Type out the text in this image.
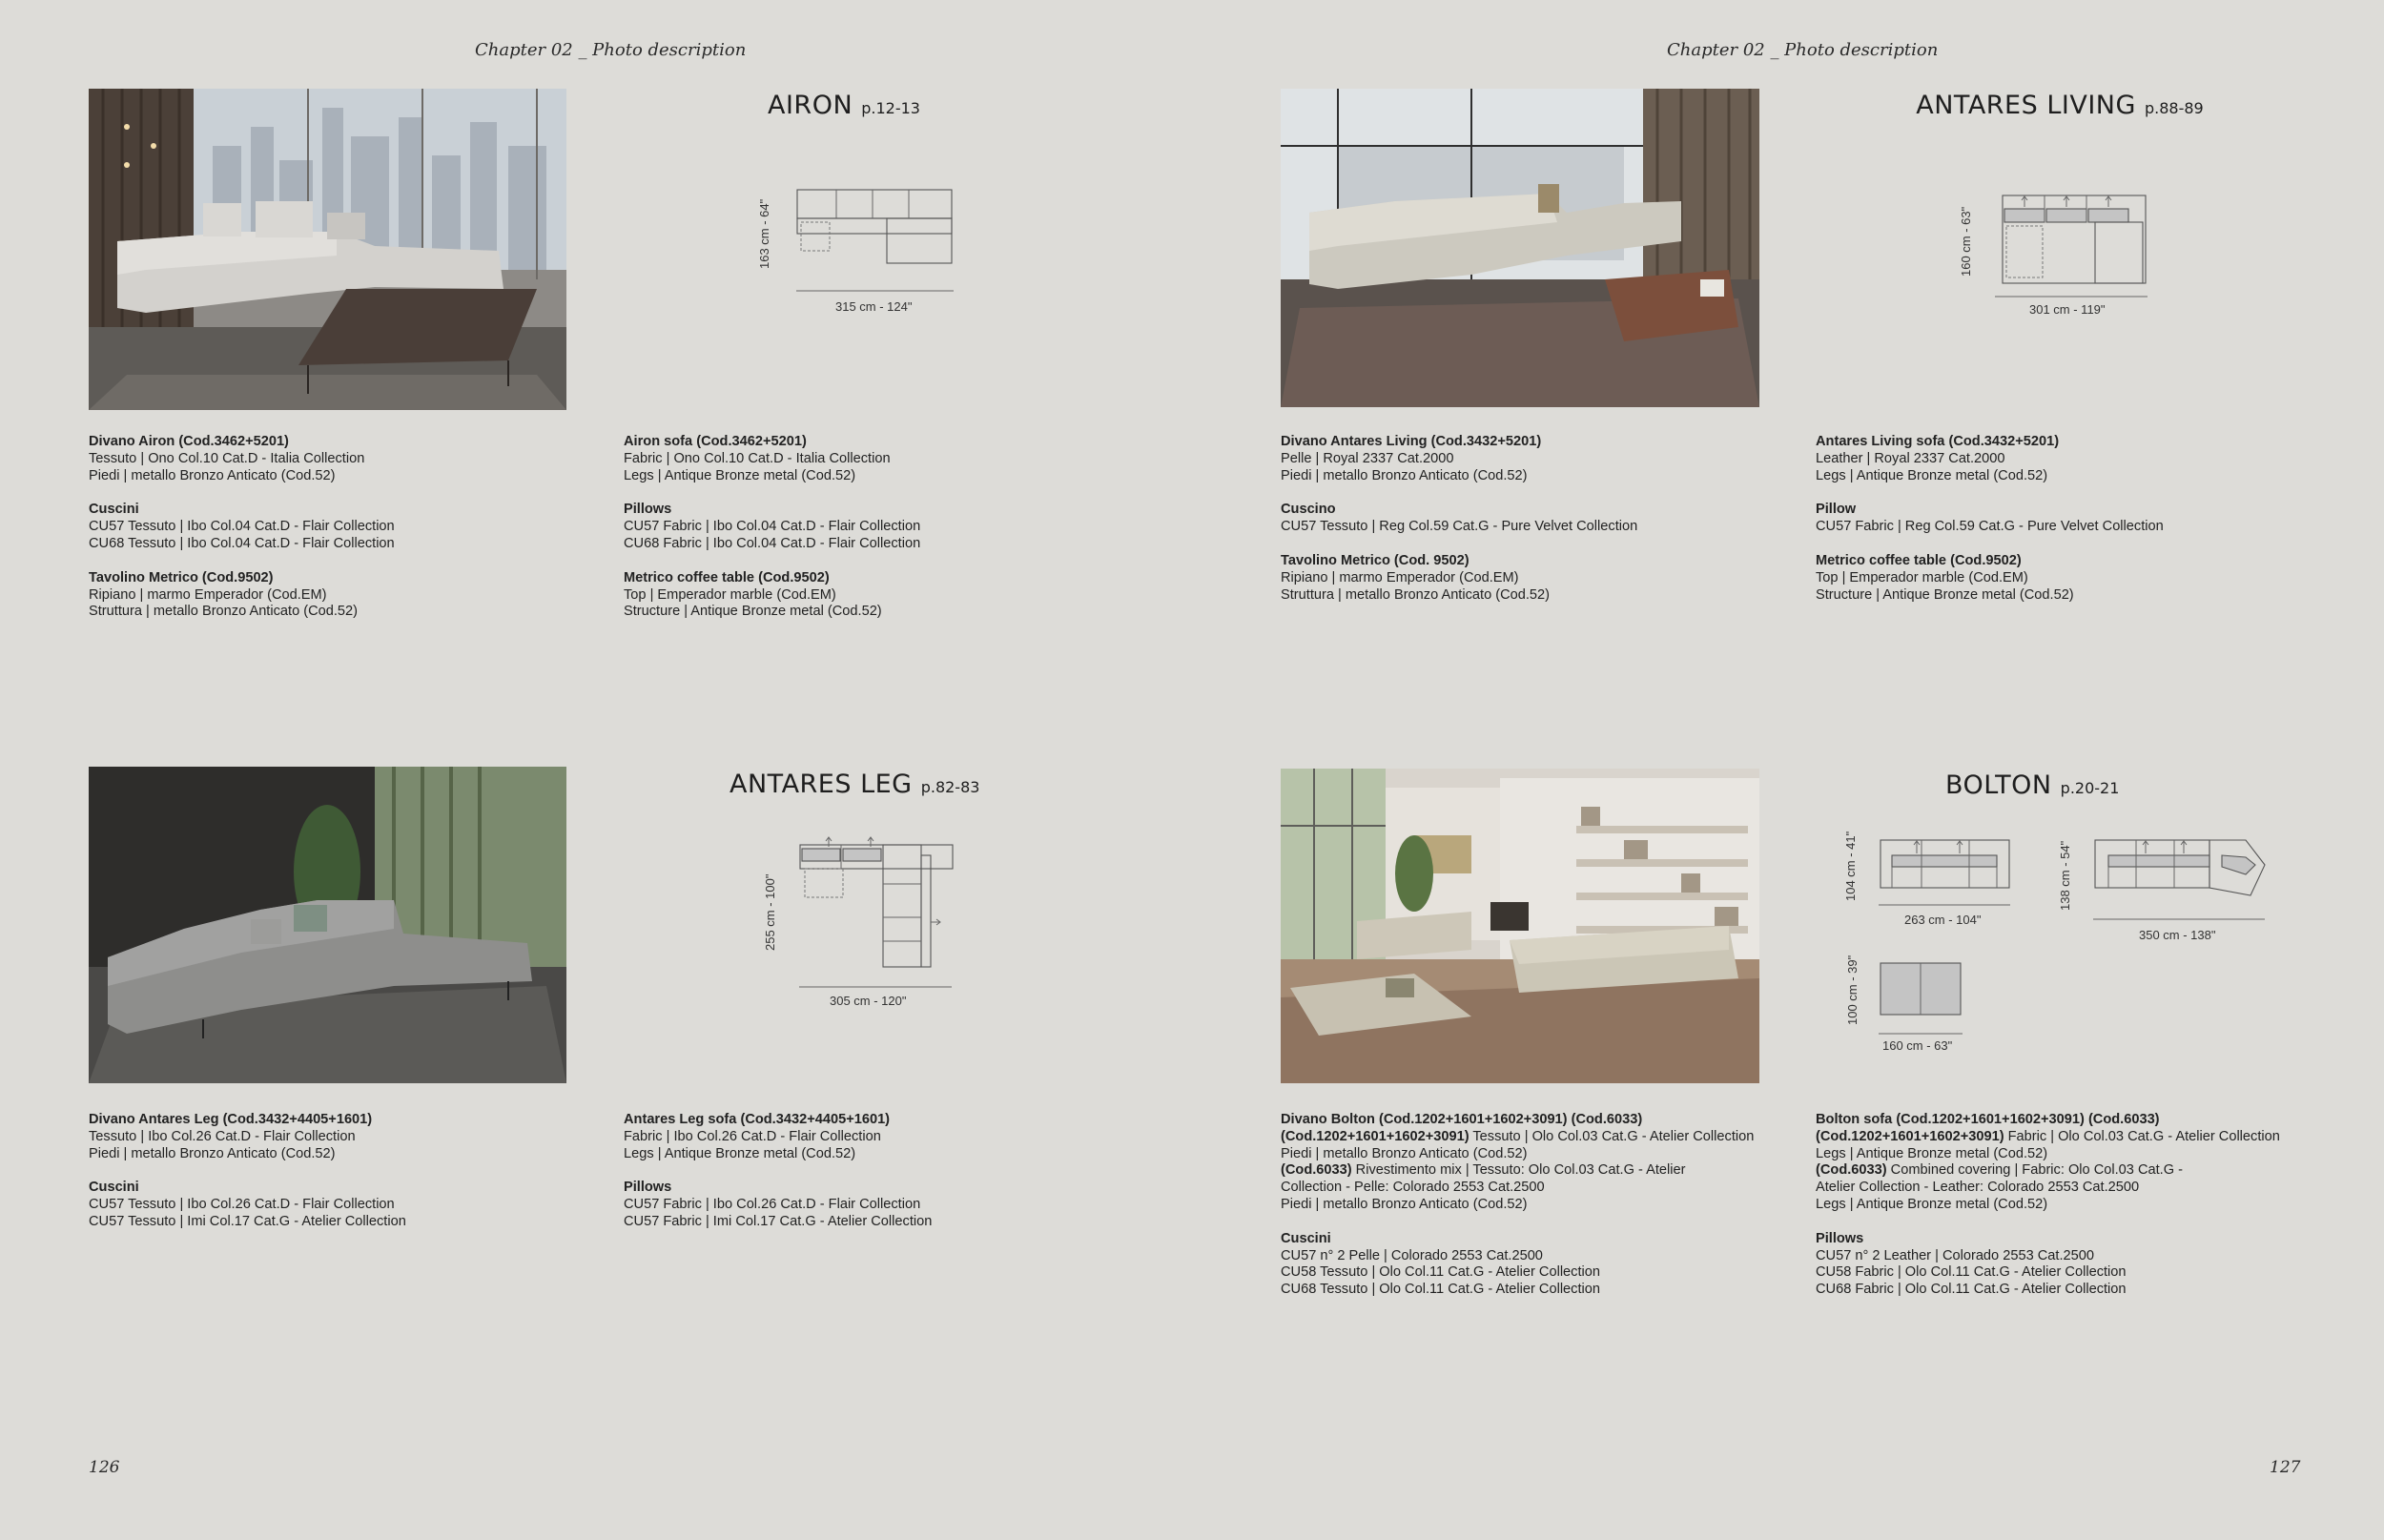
Chapter 02 _ Photo description	Chapter 02 _ Photo description
AIRON p.12-13
163 cm - 64"
315 cm - 124"
Divano Airon (Cod.3462+5201)
Tessuto | Ono Col.10 Cat.D - Italia Collection
Piedi | metallo Bronzo Anticato (Cod.52)
Cuscini
CU57 Tessuto | Ibo Col.04 Cat.D - Flair Collection
CU68 Tessuto | Ibo Col.04 Cat.D - Flair Collection
Tavolino Metrico (Cod.9502)
Ripiano | marmo Emperador (Cod.EM)
Struttura | metallo Bronzo Anticato (Cod.52)
Airon sofa (Cod.3462+5201)
Fabric | Ono Col.10 Cat.D - Italia Collection
Legs | Antique Bronze metal (Cod.52)
Pillows
CU57 Fabric | Ibo Col.04 Cat.D - Flair Collection
CU68 Fabric | Ibo Col.04 Cat.D - Flair Collection
Metrico coffee table (Cod.9502)
Top | Emperador marble (Cod.EM)
Structure | Antique Bronze metal (Cod.52)
ANTARES LIVING p.88-89
160 cm - 63"
301 cm - 119"
Divano Antares Living (Cod.3432+5201)
Pelle | Royal 2337 Cat.2000
Piedi | metallo Bronzo Anticato (Cod.52)
Cuscino
CU57 Tessuto | Reg Col.59 Cat.G - Pure Velvet Collection
Tavolino Metrico (Cod. 9502)
Ripiano | marmo Emperador (Cod.EM)
Struttura | metallo Bronzo Anticato (Cod.52)
Antares Living sofa (Cod.3432+5201)
Leather | Royal 2337 Cat.2000
Legs | Antique Bronze metal (Cod.52)
Pillow
CU57 Fabric | Reg Col.59 Cat.G - Pure Velvet Collection
Metrico coffee table (Cod.9502)
Top | Emperador marble (Cod.EM)
Structure | Antique Bronze metal (Cod.52)
ANTARES LEG p.82-83
255 cm - 100"
305 cm - 120"
Divano Antares Leg (Cod.3432+4405+1601)
Tessuto | Ibo Col.26 Cat.D - Flair Collection
Piedi | metallo Bronzo Anticato (Cod.52)
Cuscini
CU57 Tessuto | Ibo Col.26 Cat.D - Flair Collection
CU57 Tessuto | Imi Col.17 Cat.G - Atelier Collection
Antares Leg sofa (Cod.3432+4405+1601)
Fabric | Ibo Col.26 Cat.D - Flair Collection
Legs | Antique Bronze metal (Cod.52)
Pillows
CU57 Fabric | Ibo Col.26 Cat.D - Flair Collection
CU57 Fabric | Imi Col.17 Cat.G - Atelier Collection
BOLTON p.20-21
104 cm - 41"
263 cm - 104"
138 cm - 54"
350 cm - 138"
100 cm - 39"
160 cm - 63"
Divano Bolton (Cod.1202+1601+1602+3091) (Cod.6033)
(Cod.1202+1601+1602+3091) Tessuto | Olo Col.03 Cat.G - Atelier Collection
Piedi | metallo Bronzo Anticato (Cod.52)
(Cod.6033) Rivestimento mix | Tessuto: Olo Col.03 Cat.G - Atelier
Collection - Pelle: Colorado 2553 Cat.2500
Piedi | metallo Bronzo Anticato (Cod.52)
Cuscini
CU57 n° 2 Pelle | Colorado 2553 Cat.2500
CU58 Tessuto | Olo Col.11 Cat.G - Atelier Collection
CU68 Tessuto | Olo Col.11 Cat.G - Atelier Collection
Bolton sofa (Cod.1202+1601+1602+3091) (Cod.6033)
(Cod.1202+1601+1602+3091) Fabric | Olo Col.03 Cat.G - Atelier Collection
Legs | Antique Bronze metal (Cod.52)
(Cod.6033) Combined covering | Fabric: Olo Col.03 Cat.G -
Atelier Collection - Leather: Colorado 2553 Cat.2500
Legs | Antique Bronze metal (Cod.52)
Pillows
CU57 n° 2 Leather | Colorado 2553 Cat.2500
CU58 Fabric | Olo Col.11 Cat.G - Atelier Collection
CU68 Fabric | Olo Col.11 Cat.G - Atelier Collection
126	127
